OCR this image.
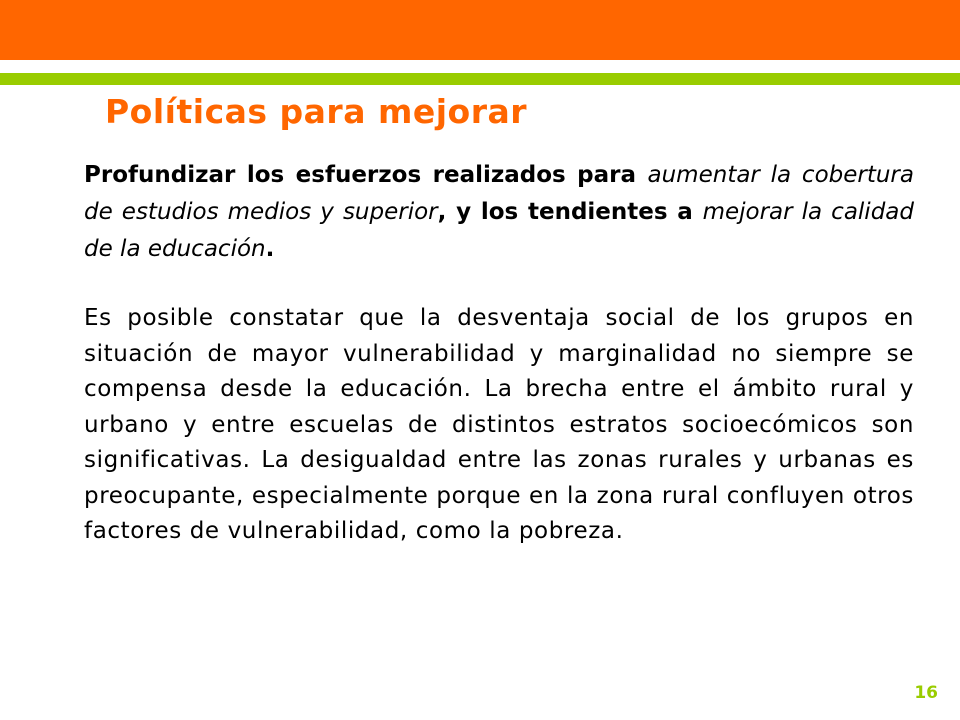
Políticas para mejorar

Profundizar los esfuerzos realizados para aumentar la cobertura de estudios medios y superior, y los tendientes a mejorar la calidad de la educación.

Es posible constatar que la desventaja social de los grupos en situación de mayor vulnerabilidad y marginalidad no siempre se compensa desde la educación. La brecha entre el ámbito rural y urbano y entre escuelas de distintos estratos socioecómicos son significativas. La desigualdad entre las zonas rurales y urbanas es preocupante, especialmente porque en la zona rural confluyen otros factores de vulnerabilidad, como la pobreza.

16
